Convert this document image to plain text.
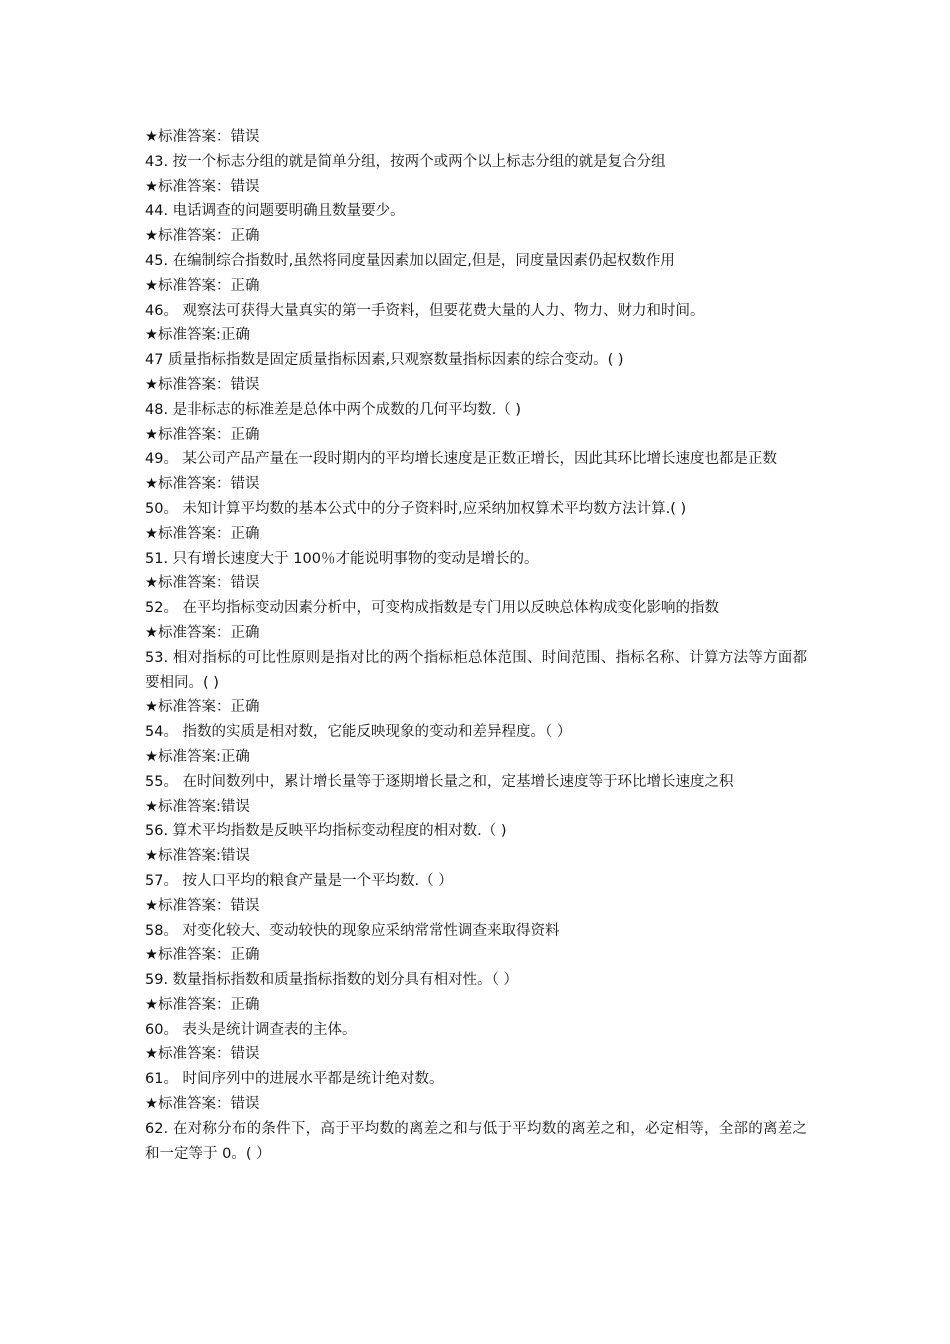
★标准答案：错误

43. 按一个标志分组的就是简单分组，按两个或两个以上标志分组的就是复合分组

★标准答案：错误

44. 电话调查的问题要明确且数量要少。

★标准答案：正确

45. 在编制综合指数时,虽然将同度量因素加以固定,但是，同度量因素仍起权数作用

★标准答案：正确

46。 观察法可获得大量真实的第一手资料，但要花费大量的人力、物力、财力和时间。

★标准答案:正确

47 质量指标指数是固定质量指标因素,只观察数量指标因素的综合变动。( )

★标准答案：错误

48. 是非标志的标准差是总体中两个成数的几何平均数.（ )

★标准答案：正确

49。 某公司产品产量在一段时期内的平均增长速度是正数正增长，因此其环比增长速度也都是正数

★标准答案：错误

50。 未知计算平均数的基本公式中的分子资料时,应采纳加权算术平均数方法计算.( )

★标准答案：正确

51. 只有增长速度大于 100％才能说明事物的变动是增长的。

★标准答案：错误

52。 在平均指标变动因素分析中，可变构成指数是专门用以反映总体构成变化影响的指数

★标准答案：正确

53. 相对指标的可比性原则是指对比的两个指标柜总体范围、时间范围、指标名称、计算方法等方面都要相同。( )

★标准答案：正确

54。 指数的实质是相对数，它能反映现象的变动和差异程度。（ ）

★标准答案:正确

55。 在时间数列中，累计增长量等于逐期增长量之和，定基增长速度等于环比增长速度之积

★标准答案:错误

56. 算术平均指数是反映平均指标变动程度的相对数.（ )

★标准答案:错误

57。 按人口平均的粮食产量是一个平均数.（ ）

★标准答案：错误

58。 对变化较大、变动较快的现象应采纳常常性调查来取得资料

★标准答案：正确

59. 数量指标指数和质量指标指数的划分具有相对性。（ ）

★标准答案：正确

60。 表头是统计调查表的主体。

★标准答案：错误

61。 时间序列中的进展水平都是统计绝对数。

★标准答案：错误

62. 在对称分布的条件下，高于平均数的离差之和与低于平均数的离差之和，必定相等，全部的离差之和一定等于 0。( ）
